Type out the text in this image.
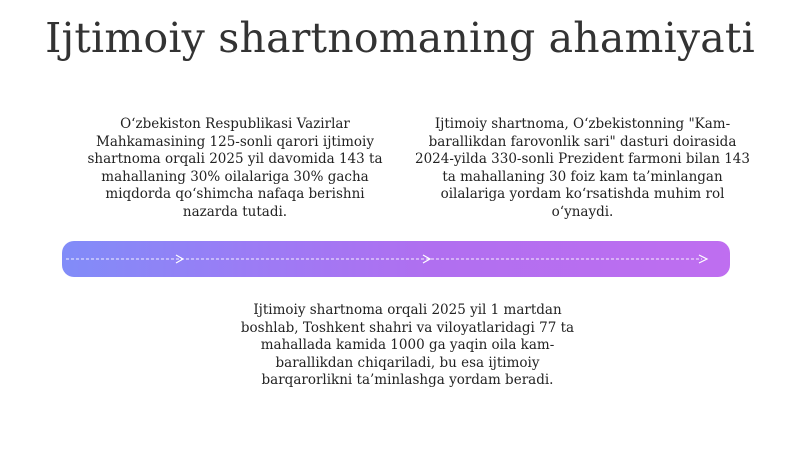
Ijtimoiy shartnomaning ahamiyati
O‘zbekiston Respublikasi Vazirlar Mahkamasining 125-sonli qarori ijtimoiy shartnoma orqali 2025 yil davomida 143 ta mahallaning 30% oilalariga 30% gacha miqdorda qo‘shimcha nafaqa berishni nazarda tutadi.
Ijtimoiy shartnoma, O‘zbekistonning "Kam-barallikdan farovonlik sari" dasturi doirasida 2024-yilda 330-sonli Prezident farmoni bilan 143 ta mahallaning 30 foiz kam ta’minlangan oilalariga yordam ko‘rsatishda muhim rol o‘ynaydi.
Ijtimoiy shartnoma orqali 2025 yil 1 martdan boshlab, Toshkent shahri va viloyatlaridagi 77 ta mahallada kamida 1000 ga yaqin oila kam-barallikdan chiqariladi, bu esa ijtimoiy barqarorlikni ta’minlashga yordam beradi.
